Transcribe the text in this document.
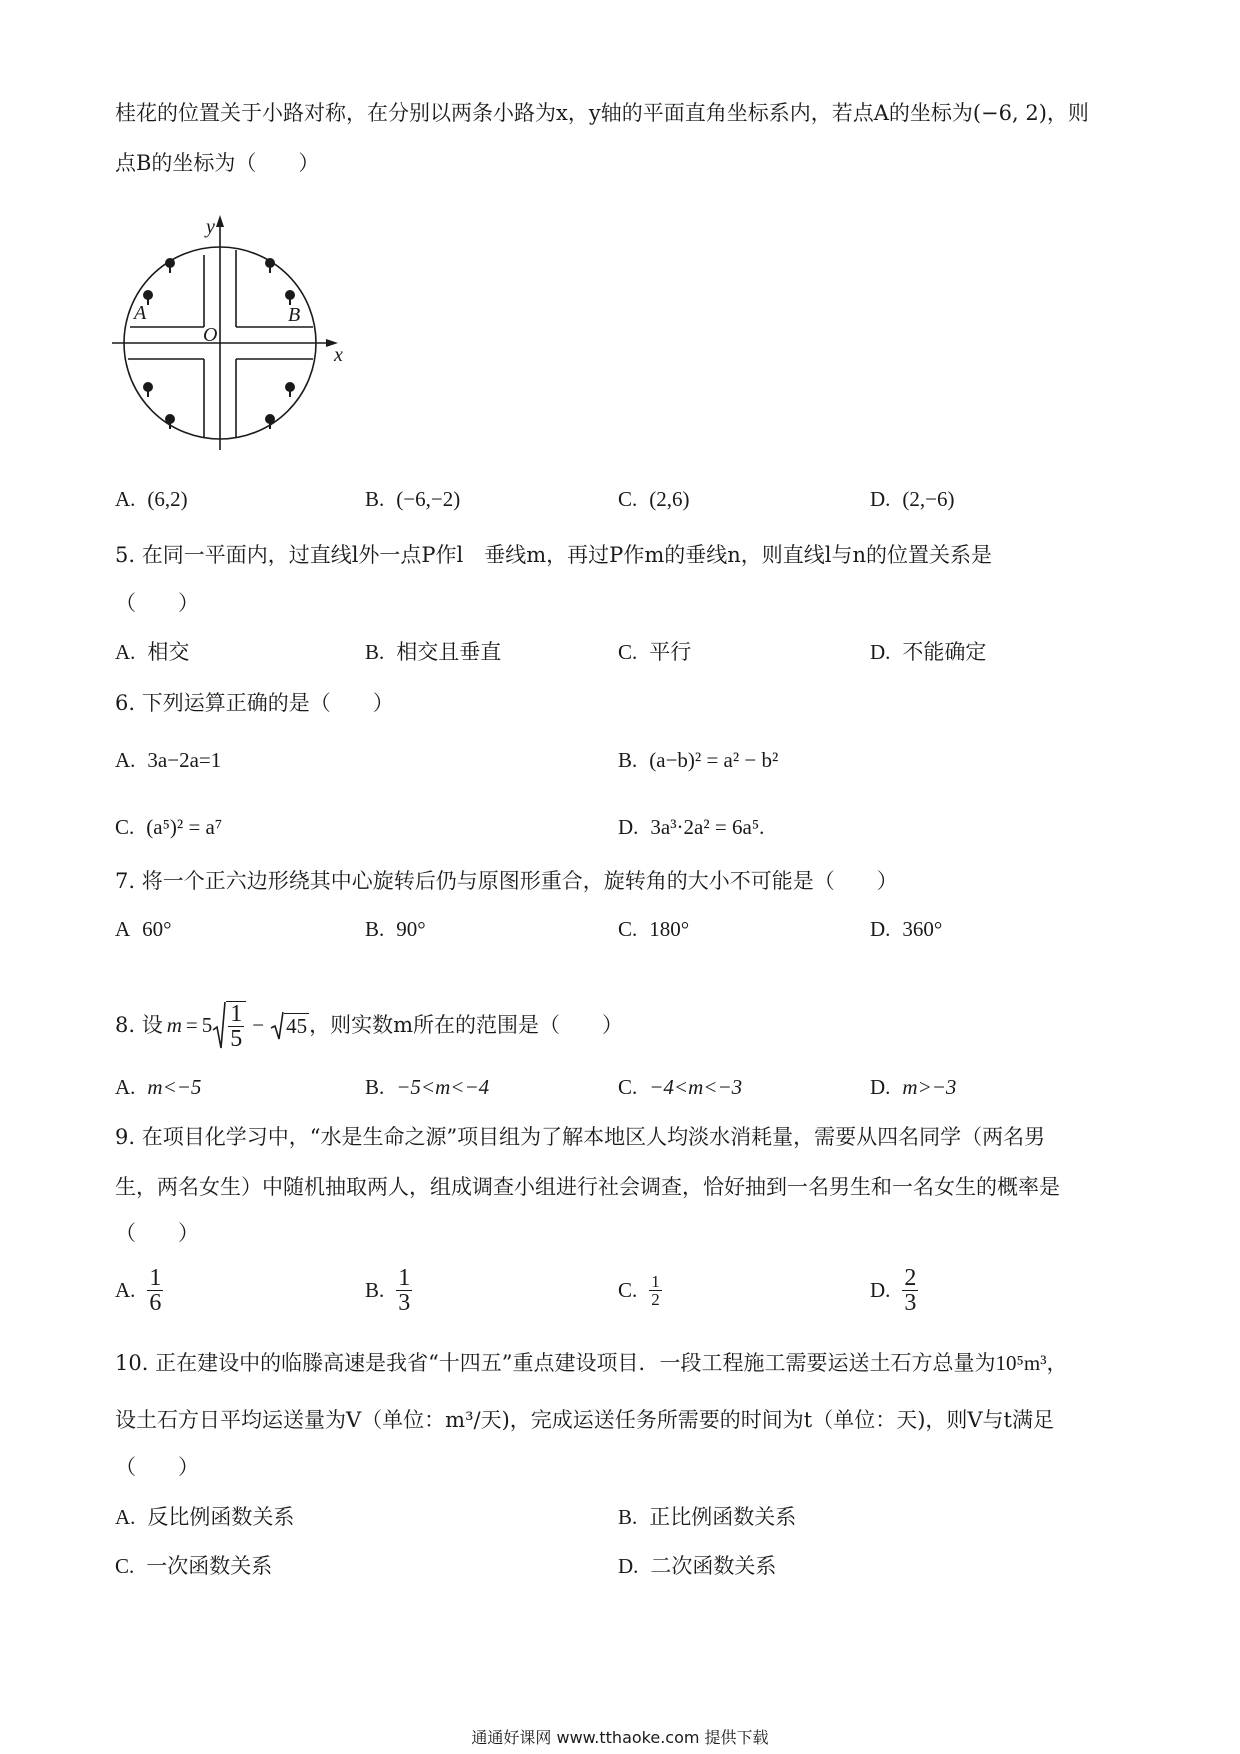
桂花的位置关于小路对称，在分别以两条小路为x，y轴的平面直角坐标系内，若点A的坐标为(−6, 2)，则
点B的坐标为（　　）
y
x
O
A	B
A. (6,2)	B. (−6,−2)	C. (2,6)	D. (2,−6)
5. 在同一平面内，过直线l外一点P作l　垂线m，再过P作m的垂线n，则直线l与n的位置关系是
（　　）
A. 相交	B. 相交且垂直	C. 平行	D. 不能确定
6. 下列运算正确的是（　　）
A. 3a−2a=1	B. (a−b)² = a² − b²
C. (a⁵)² = a⁷	D. 3a³·2a² = 6a⁵.
7. 将一个正六边形绕其中心旋转后仍与原图形重合，旋转角的大小不可能是（　　）
A 60°	B. 90°	C. 180°	D. 360°
8. 设 $m = 5 \frac{1}{5} - 45$ ，则实数m所在的范围是（　　）
A. m<−5	B. −5<m<−4	C. −4<m<−3	D. m>−3
9. 在项目化学习中，“水是生命之源”项目组为了解本地区人均淡水消耗量，需要从四名同学（两名男
生，两名女生）中随机抽取两人，组成调查小组进行社会调查，恰好抽到一名男生和一名女生的概率是
（　　）
A. $\frac{1}{6}$	B. $\frac{1}{3}$	C. $\frac{1}{2}$	D. $\frac{2}{3}$
10. 正在建设中的临滕高速是我省“十四五”重点建设项目．一段工程施工需要运送土石方总量为10⁵m³，
设土石方日平均运送量为V（单位：m³/天)，完成运送任务所需要的时间为t（单位：天)，则V与t满足
（　　）
A. 反比例函数关系	B. 正比例函数关系
C. 一次函数关系	D. 二次函数关系
通通好课网 www.tthaoke.com 提供下载
